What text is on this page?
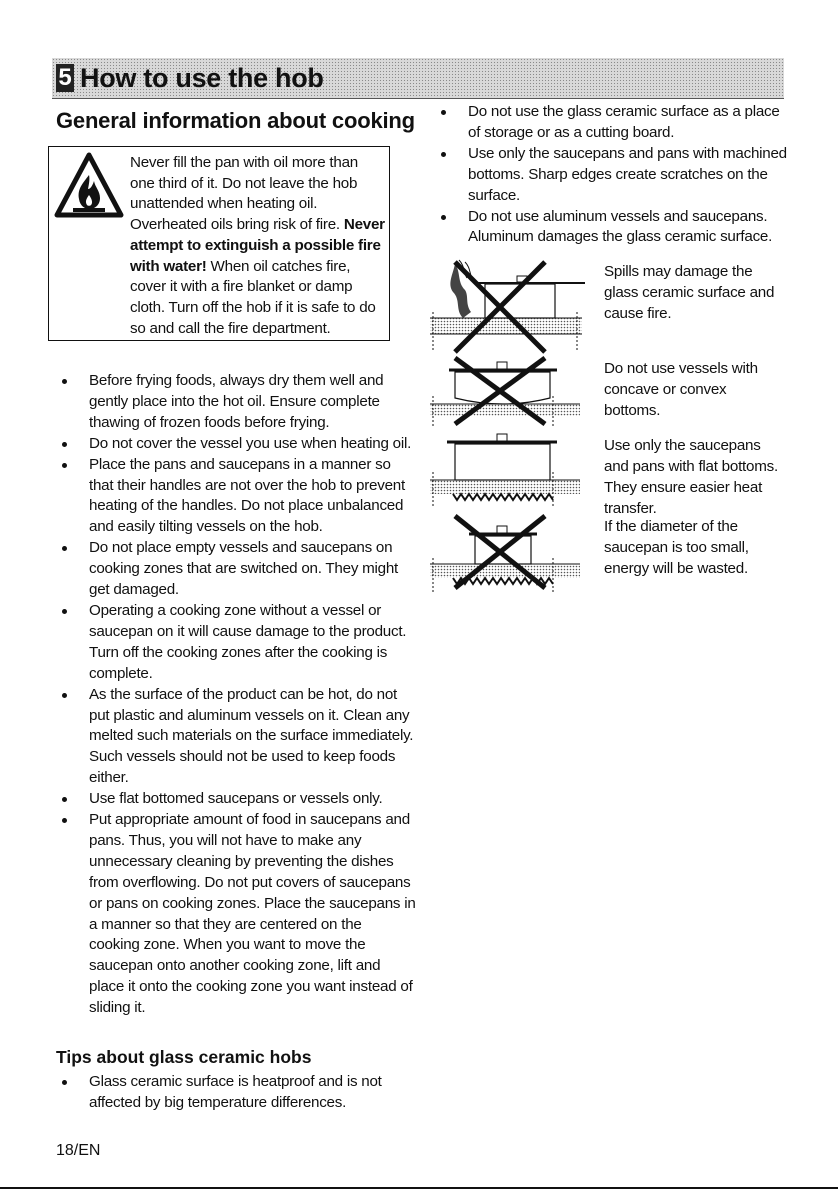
5 How to use the hob
General information about cooking
Never fill the pan with oil more than one third of it. Do not leave the hob unattended when heating oil. Overheated oils bring risk of fire. Never attempt to extinguish a possible fire with water! When oil catches fire, cover it with a fire blanket or damp cloth. Turn off the hob if it is safe to do so and call the fire department.
Before frying foods, always dry them well and gently place into the hot oil. Ensure complete thawing of frozen foods before frying.
Do not cover the vessel you use when heating oil.
Place the pans and saucepans in a manner so that their handles are not over the hob to prevent heating of the handles. Do not place unbalanced and easily tilting vessels on the hob.
Do not place empty vessels and saucepans on cooking zones that are switched on. They might get damaged.
Operating a cooking zone without a vessel or saucepan on it will cause damage to the product. Turn off the cooking zones after the cooking is complete.
As the surface of the product can be hot, do not put plastic and aluminum vessels on it. Clean any melted such materials on the surface immediately. Such vessels should not be used to keep foods either.
Use flat bottomed saucepans or vessels only.
Put appropriate amount of food in saucepans and pans. Thus, you will not have to make any unnecessary cleaning by preventing the dishes from overflowing. Do not put covers of saucepans or pans on cooking zones. Place the saucepans in a manner so that they are centered on the cooking zone. When you want to move the saucepan onto another cooking zone, lift and place it onto the cooking zone you want instead of sliding it.
Tips about glass ceramic hobs
Glass ceramic surface is heatproof and is not affected by big temperature differences.
Do not use the glass ceramic surface as a place of storage or as a cutting board.
Use only the saucepans and pans with machined bottoms. Sharp edges create scratches on the surface.
Do not use aluminum vessels and saucepans. Aluminum damages the glass ceramic surface.
Spills may damage the glass ceramic surface and cause fire.
Do not use vessels with concave or convex bottoms.
Use only the saucepans and pans with flat bottoms. They ensure easier heat transfer.
If the diameter of the saucepan is too small, energy will be wasted.
18/EN
